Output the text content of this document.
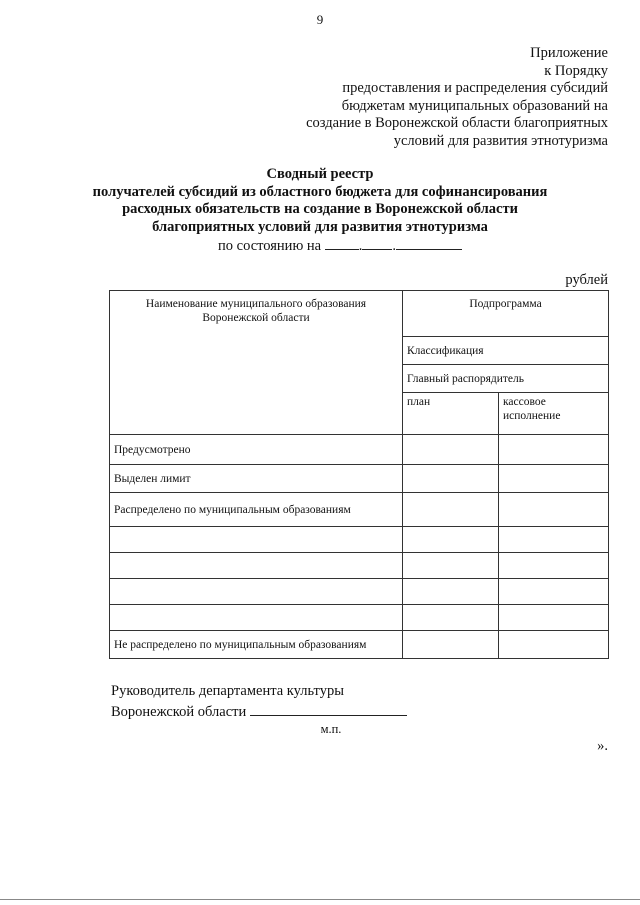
9
Приложение
к Порядку
предоставления и распределения субсидий
бюджетам муниципальных образований на
создание в Воронежской области благоприятных
условий для развития этнотуризма
Сводный реестр
получателей субсидий из областного бюджета для софинансирования
расходных обязательств на создание в Воронежской области
благоприятных условий для развития этнотуризма
по состоянию на	. .
рублей
Наименование муниципального образования Воронежской области	Подпрограмма	
	Классификация	
	Главный распорядитель	
	план	кассовое исполнение
Предусмотрено		
Выделен лимит		
Распределено по муниципальным образованиям		

Не распределено по муниципальным образованиям		
Руководитель департамента культуры
Воронежской области
м.п.
».
